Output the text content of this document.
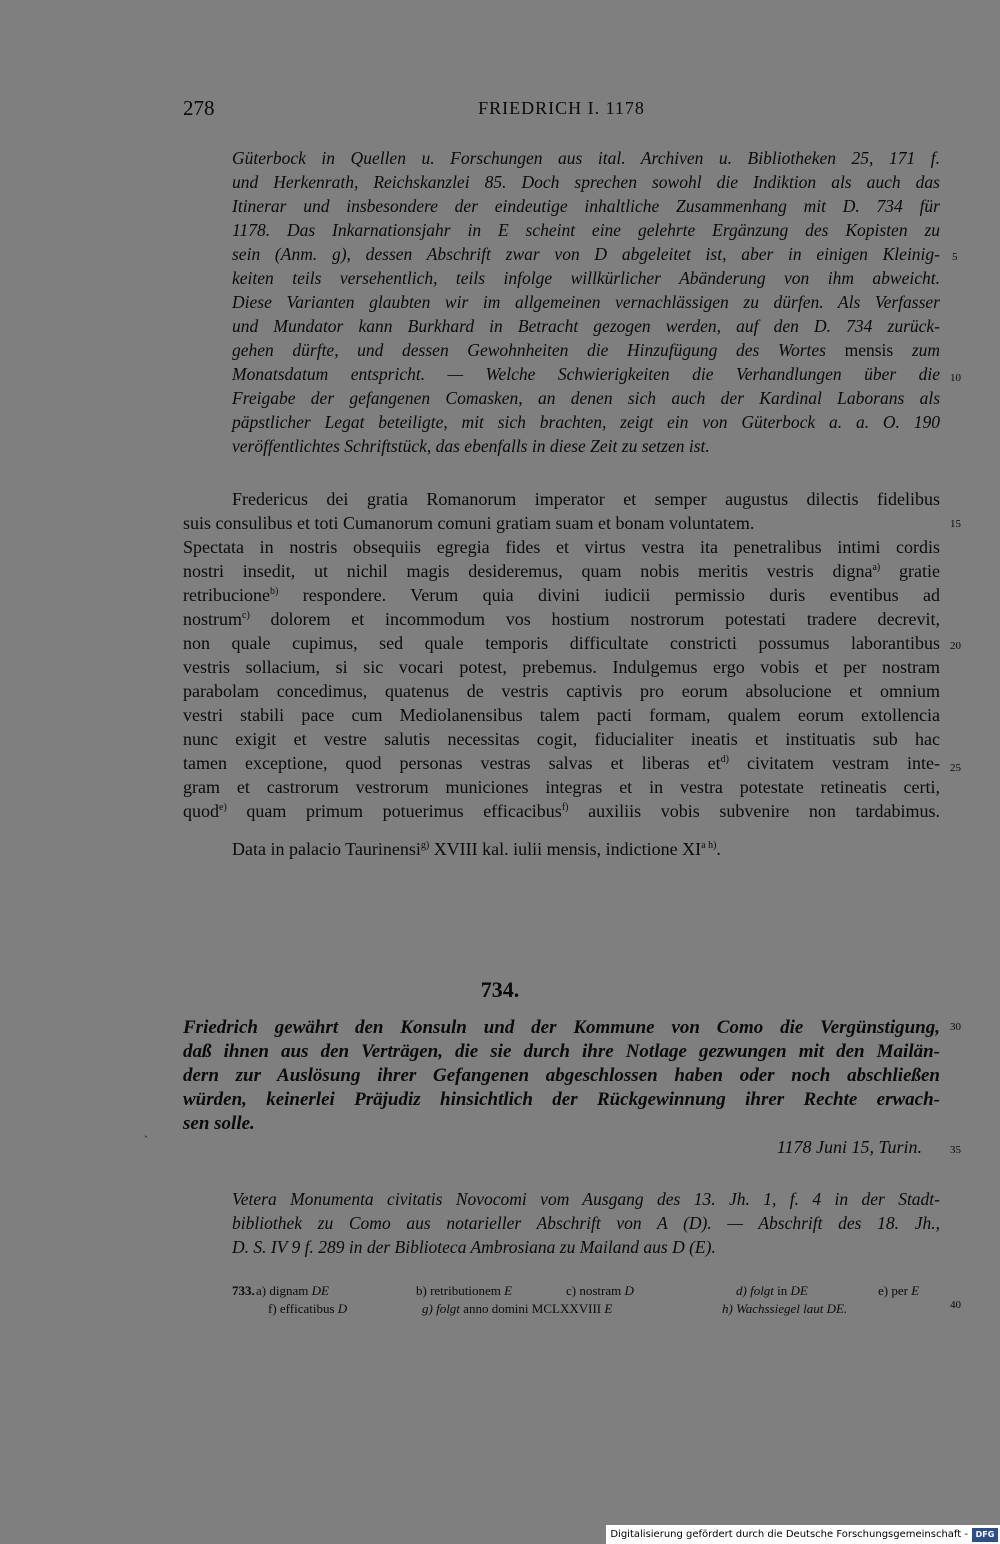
278	FRIEDRICH I. 1178
Güterbock in Quellen u. Forschungen aus ital. Archiven u. Bibliotheken 25, 171 f.
und Herkenrath, Reichskanzlei 85. Doch sprechen sowohl die Indiktion als auch das
Itinerar und insbesondere der eindeutige inhaltliche Zusammenhang mit D. 734 für
1178. Das Inkarnationsjahr in E scheint eine gelehrte Ergänzung des Kopisten zu
sein (Anm. g), dessen Abschrift zwar von D abgeleitet ist, aber in einigen Kleinig-
keiten teils versehentlich, teils infolge willkürlicher Abänderung von ihm abweicht.
Diese Varianten glaubten wir im allgemeinen vernachlässigen zu dürfen. Als Verfasser
und Mundator kann Burkhard in Betracht gezogen werden, auf den D. 734 zurück-
gehen dürfte, und dessen Gewohnheiten die Hinzufügung des Wortes mensis zum
Monatsdatum entspricht. — Welche Schwierigkeiten die Verhandlungen über die
Freigabe der gefangenen Comasken, an denen sich auch der Kardinal Laborans als
päpstlicher Legat beteiligte, mit sich brachten, zeigt ein von Güterbock a. a. O. 190
veröffentlichtes Schriftstück, das ebenfalls in diese Zeit zu setzen ist.
Fredericus dei gratia Romanorum imperator et semper augustus dilectis fidelibus
suis consulibus et toti Cumanorum comuni gratiam suam et bonam voluntatem.
Spectata in nostris obsequiis egregia fides et virtus vestra ita penetralibus intimi cordis
nostri insedit, ut nichil magis desideremus, quam nobis meritis vestris digna$^{a)}$ gratie
retribucione$^{b)}$ respondere. Verum quia divini iudicii permissio duris eventibus ad
nostrum$^{c)}$ dolorem et incommodum vos hostium nostrorum potestati tradere decrevit,
non quale cupimus, sed quale temporis difficultate constricti possumus laborantibus
vestris sollacium, si sic vocari potest, prebemus. Indulgemus ergo vobis et per nostram
parabolam concedimus, quatenus de vestris captivis pro eorum absolucione et omnium
vestri stabili pace cum Mediolanensibus talem pacti formam, qualem eorum extollencia
nunc exigit et vestre salutis necessitas cogit, fiducialiter ineatis et instituatis sub hac
tamen exceptione, quod personas vestras salvas et liberas $et^{d)}$ civitatem vestram inte-
gram et castrorum vestrorum municiones integras et in vestra potestate retineatis certi,
quod$^{e)}$ quam primum potuerimus efficacibus$^{f)}$ auxiliis vobis subvenire non tardabimus.
Data in palacio Taurinensi$^{g)}$ XVIII kal. iulii mensis, indictione $XI^{a h)}$.
734.
Friedrich gewährt den Konsuln und der Kommune von Como die Vergünstigung,
daß ihnen aus den Verträgen, die sie durch ihre Notlage gezwungen mit den Mailän-
dern zur Auslösung ihrer Gefangenen abgeschlossen haben oder noch abschließen
würden, keinerlei Präjudiz hinsichtlich der Rückgewinnung ihrer Rechte erwach-
sen solle.
1178 Juni 15, Turin.
Vetera Monumenta civitatis Novocomi vom Ausgang des 13. Jh. 1, f. 4 in der Stadt-
bibliothek zu Como aus notarieller Abschrift von A (D). — Abschrift des 18. Jh.,
D. S. IV 9 f. 289 in der Biblioteca Ambrosiana zu Mailand aus D (E).
733. a) dignam DE	b) retributionem E	c) nostram D	d) folgt in DE	e) per E
f) efficatibus D	g) folgt anno domini MCLXXVIII E	h) Wachssiegel laut DE.
5
10
15
20
25
30
35
40
`
Digitalisierung gefördert durch die Deutsche Forschungsgemeinschaft - DFG
